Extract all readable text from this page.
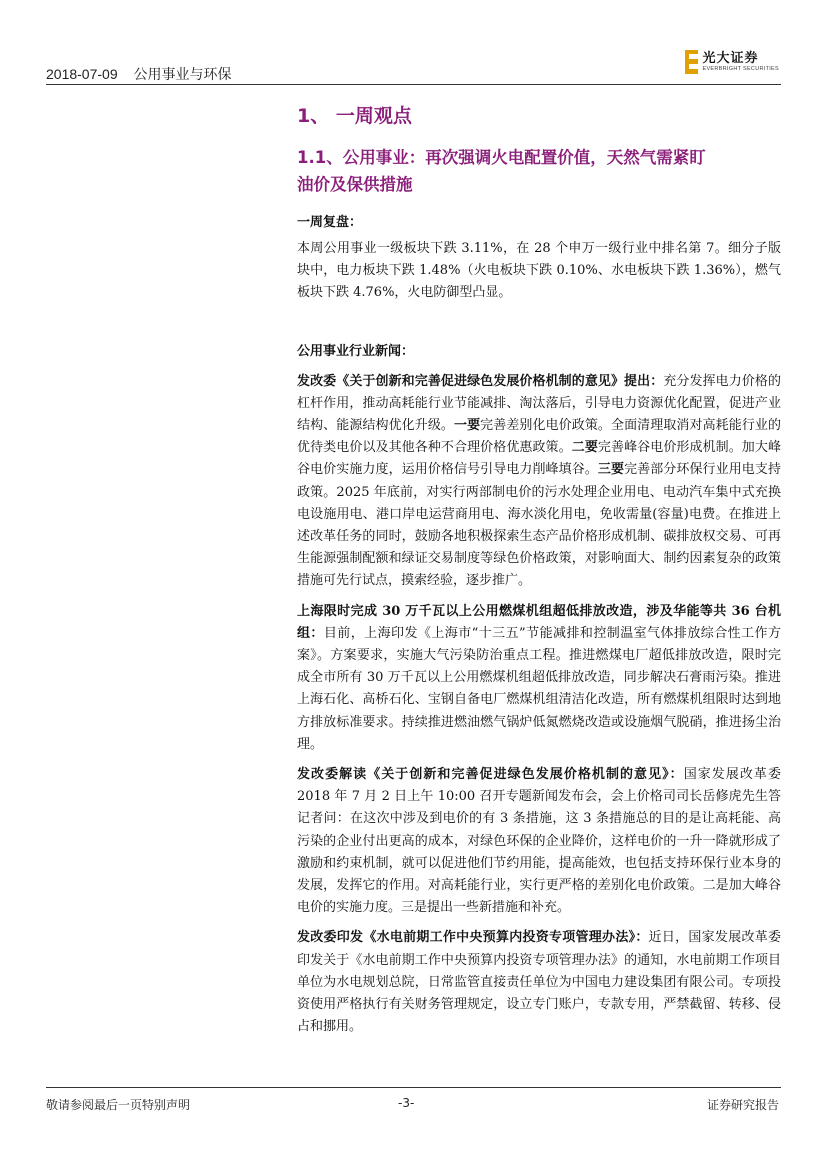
2018-07-09 公用事业与环保
光大证券
EVERBRIGHT SECURITIES
1、 一周观点
1.1、公用事业：再次强调火电配置价值，天然气需紧盯
油价及保供措施
一周复盘：

本周公用事业一级板块下跌 3.11%，在 28 个申万一级行业中排名第 7。细分子版块中，电力板块下跌 1.48%（火电板块下跌 0.10%、水电板块下跌 1.36%），燃气板块下跌 4.76%，火电防御型凸显。

公用事业行业新闻：

发改委《关于创新和完善促进绿色发展价格机制的意见》提出：充分发挥电力价格的杠杆作用，推动高耗能行业节能减排、淘汰落后，引导电力资源优化配置，促进产业结构、能源结构优化升级。一要完善差别化电价政策。全面清理取消对高耗能行业的优待类电价以及其他各种不合理价格优惠政策。二要完善峰谷电价形成机制。加大峰谷电价实施力度，运用价格信号引导电力削峰填谷。三要完善部分环保行业用电支持政策。2025 年底前，对实行两部制电价的污水处理企业用电、电动汽车集中式充换电设施用电、港口岸电运营商用电、海水淡化用电，免收需量(容量)电费。在推进上述改革任务的同时，鼓励各地积极探索生态产品价格形成机制、碳排放权交易、可再生能源强制配额和绿证交易制度等绿色价格政策，对影响面大、制约因素复杂的政策措施可先行试点，摸索经验，逐步推广。

上海限时完成 30 万千瓦以上公用燃煤机组超低排放改造，涉及华能等共 36 台机组：目前，上海印发《上海市“十三五”节能减排和控制温室气体排放综合性工作方案》。方案要求，实施大气污染防治重点工程。推进燃煤电厂超低排放改造，限时完成全市所有 30 万千瓦以上公用燃煤机组超低排放改造，同步解决石膏雨污染。推进上海石化、高桥石化、宝钢自备电厂燃煤机组清洁化改造，所有燃煤机组限时达到地方排放标准要求。持续推进燃油燃气锅炉低氮燃烧改造或设施烟气脱硝，推进扬尘治理。

发改委解读《关于创新和完善促进绿色发展价格机制的意见》：国家发展改革委 2018 年 7 月 2 日上午 10:00 召开专题新闻发布会，会上价格司司长岳修虎先生答记者问：在这次中涉及到电价的有 3 条措施，这 3 条措施总的目的是让高耗能、高污染的企业付出更高的成本，对绿色环保的企业降价，这样电价的一升一降就形成了激励和约束机制，就可以促进他们节约用能，提高能效，也包括支持环保行业本身的发展，发挥它的作用。对高耗能行业，实行更严格的差别化电价政策。二是加大峰谷电价的实施力度。三是提出一些新措施和补充。

发改委印发《水电前期工作中央预算内投资专项管理办法》：近日，国家发展改革委印发关于《水电前期工作中央预算内投资专项管理办法》的通知，水电前期工作项目单位为水电规划总院，日常监管直接责任单位为中国电力建设集团有限公司。专项投资使用严格执行有关财务管理规定，设立专门账户，专款专用，严禁截留、转移、侵占和挪用。

敬请参阅最后一页特别声明	-3-	证券研究报告
